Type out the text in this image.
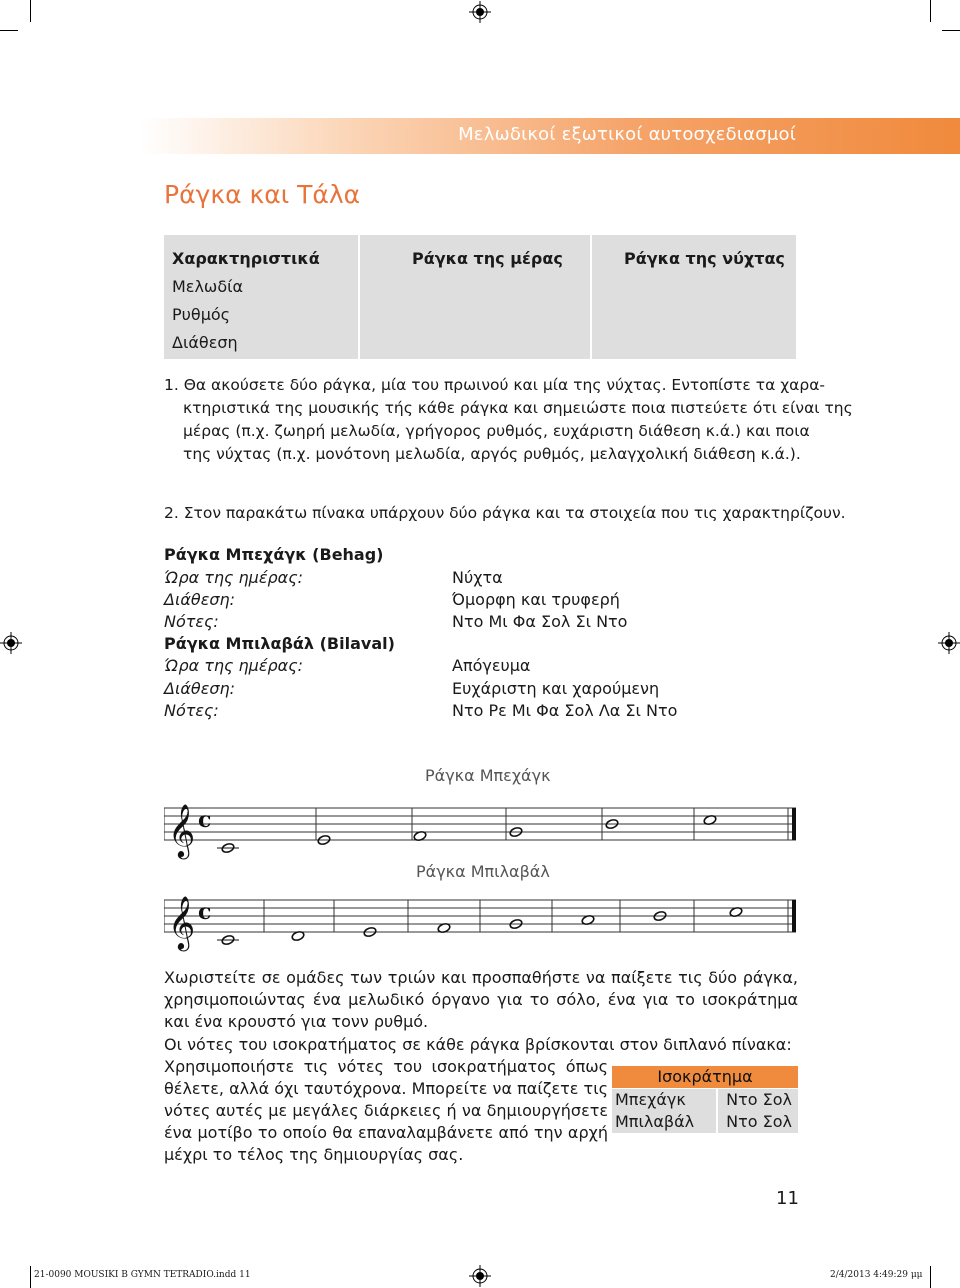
Μελωδικοί εξωτικοί αυτοσχεδιασμοί
Ράγκα και Τάλα
Χαρακτηριστικά	Ράγκα της μέρας	Ράγκα της νύχτας
Μελωδία
Ρυθμός
Διάθεση
1. Θα ακούσετε δύο ράγκα, μία του πρωινού και μία της νύχτας. Εντοπίστε τα χαρα-
κτηριστικά της μουσικής τής κάθε ράγκα και σημειώστε ποια πιστεύετε ότι είναι της
μέρας (π.χ. ζωηρή μελωδία, γρήγορος ρυθμός, ευχάριστη διάθεση κ.ά.) και ποια
της νύχτας (π.χ. μονότονη μελωδία, αργός ρυθμός, μελαγχολική διάθεση κ.ά.).
2. Στον παρακάτω πίνακα υπάρχουν δύο ράγκα και τα στοιχεία που τις χαρακτηρίζουν.
Ράγκα Μπεχάγκ (Behag)
Ώρα της ημέρας:	Νύχτα
Διάθεση:	Όμορφη και τρυφερή
Νότες:	Ντο Μι Φα Σολ Σι Ντο
Ράγκα Μπιλαβάλ (Bilaval)
Ώρα της ημέρας:	Απόγευμα
Διάθεση:	Ευχάριστη και χαρούμενη
Νότες:	Ντο Ρε Μι Φα Σολ Λα Σι Ντο
Ράγκα Μπεχάγκ
𝄞 c
Ράγκα Μπιλαβάλ
𝄞 c
Χωριστείτε σε ομάδες των τριών και προσπαθήστε να παίξετε τις δύο ράγκα, χρησιμοποιώντας ένα μελωδικό όργανο για το σόλο, ένα για το ισοκράτημα και ένα κρουστό για τονν ρυθμό.
Οι νότες του ισοκρατήματος σε κάθε ράγκα βρίσκονται στον διπλανό πίνακα:
Χρησιμοποιήστε τις νότες του ισοκρατήματος όπως θέλετε, αλλά όχι ταυτόχρονα. Μπορείτε να παίζετε τις νότες αυτές με μεγάλες διάρκειες ή να δημιουργήσετε ένα μοτίβο το οποίο θα επαναλαμβάνετε από την αρχή μέχρι το τέλος της δημιουργίας σας.
Ισοκράτημα
Μπεχάγκ	Ντο Σολ
Μπιλαβάλ Ντο Σολ
11
21-0090 MOUSIKI B GYMN TETRADIO.indd 11	2/4/2013 4:49:29 μμ
